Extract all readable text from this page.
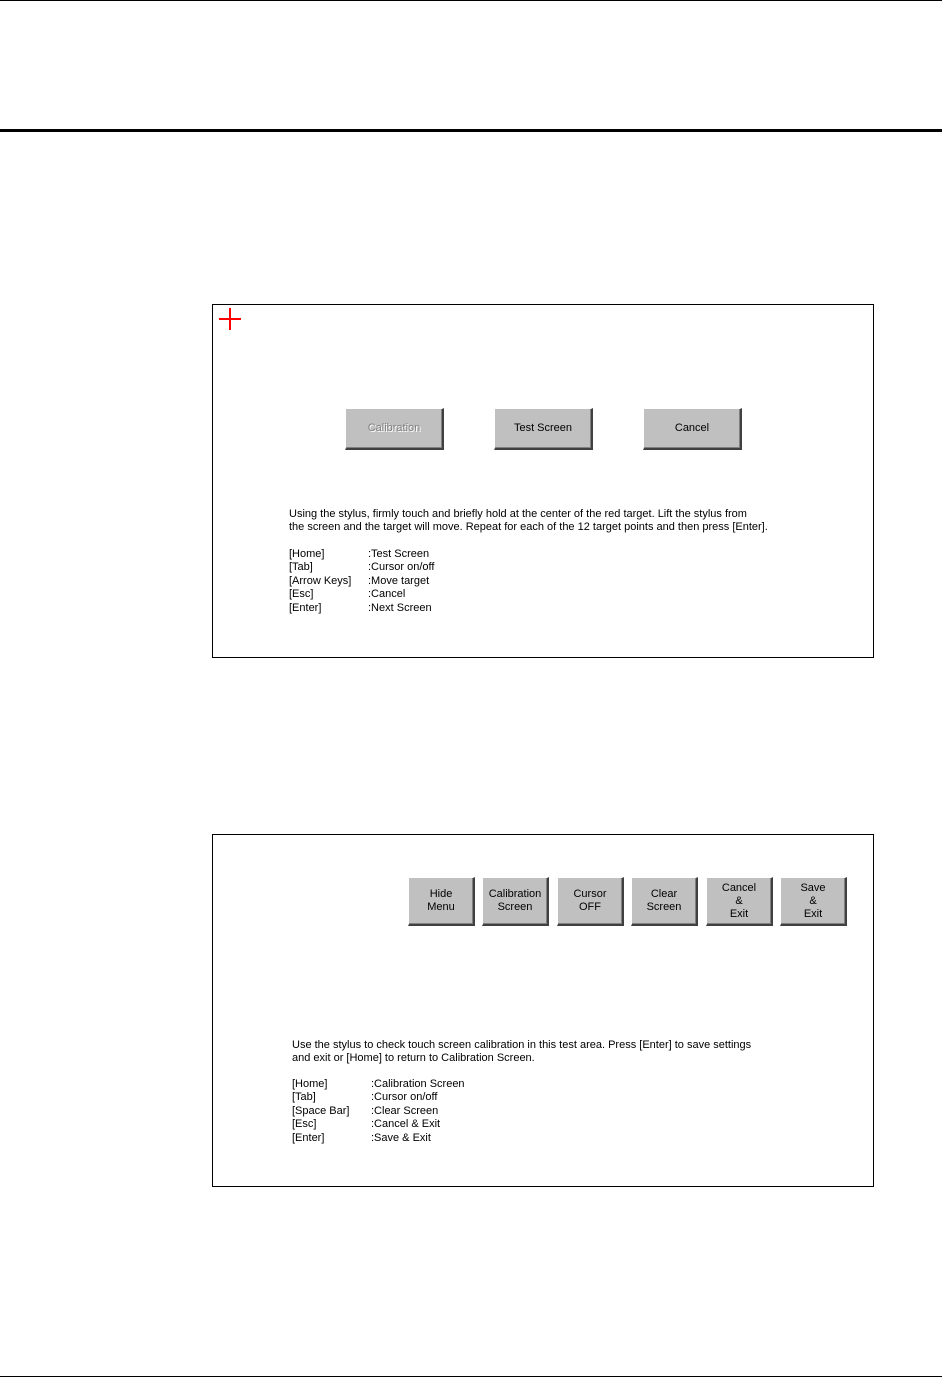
Calibration	Test Screen	Cancel
Using the stylus, firmly touch and briefly hold at the center of the red target. Lift the stylus from
the screen and the target will move. Repeat for each of the 12 target points and then press [Enter].
[Home]	:Test Screen
[Tab]	:Cursor on/off
[Arrow Keys]	:Move target
[Esc]	:Cancel
[Enter]	:Next Screen
Hide
Menu
Calibration
Screen
Cursor
OFF
Clear
Screen
Cancel
&
Exit
Save
&
Exit
Use the stylus to check touch screen calibration in this test area. Press [Enter] to save settings
and exit or [Home] to return to Calibration Screen.
[Home]	:Calibration Screen
[Tab]	:Cursor on/off
[Space Bar]	:Clear Screen
[Esc]	:Cancel & Exit
[Enter]	:Save & Exit
